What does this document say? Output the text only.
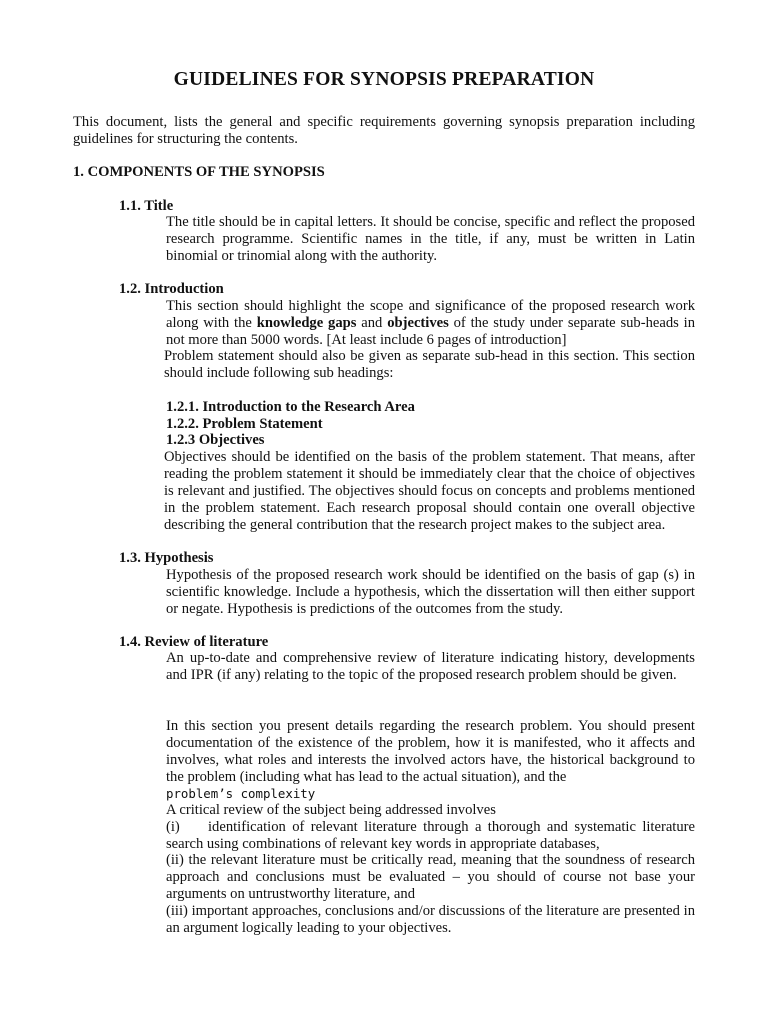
GUIDELINES FOR SYNOPSIS PREPARATION
This document, lists the general and specific requirements governing synopsis preparation including guidelines for structuring the contents.
1. COMPONENTS OF THE SYNOPSIS
1.1. Title
The title should be in capital letters. It should be concise, specific and reflect the proposed research programme. Scientific names in the title, if any, must be written in Latin binomial or trinomial along with the authority.
1.2. Introduction
This section should highlight the scope and significance of the proposed research work along with the knowledge gaps and objectives of the study under separate sub-heads in not more than 5000 words. [At least include 6 pages of introduction]
Problem statement should also be given as separate sub-head in this section. This section should include following sub headings:
1.2.1. Introduction to the Research Area
1.2.2. Problem Statement
1.2.3 Objectives
Objectives should be identified on the basis of the problem statement. That means, after reading the problem statement it should be immediately clear that the choice of objectives is relevant and justified. The objectives should focus on concepts and problems mentioned in the problem statement. Each research proposal should contain one overall objective describing the general contribution that the research project makes to the subject area.
1.3. Hypothesis
Hypothesis of the proposed research work should be identified on the basis of gap (s) in scientific knowledge. Include a hypothesis, which the dissertation will then either support or negate. Hypothesis is predictions of the outcomes from the study.
1.4. Review of literature
An up-to-date and comprehensive review of literature indicating history, developments and IPR (if any) relating to the topic of the proposed research problem should be given.
In this section you present details regarding the research problem. You should present documentation of the existence of the problem, how it is manifested, who it affects and involves, what roles and interests the involved actors have, the historical background to the problem (including what has lead to the actual situation), and the
problem’s complexity
A critical review of the subject being addressed involves
(i) identification of relevant literature through a thorough and systematic literature search using combinations of relevant key words in appropriate databases,
(ii) the relevant literature must be critically read, meaning that the soundness of research approach and conclusions must be evaluated – you should of course not base your arguments on untrustworthy literature, and
(iii) important approaches, conclusions and/or discussions of the literature are presented in an argument logically leading to your objectives.
